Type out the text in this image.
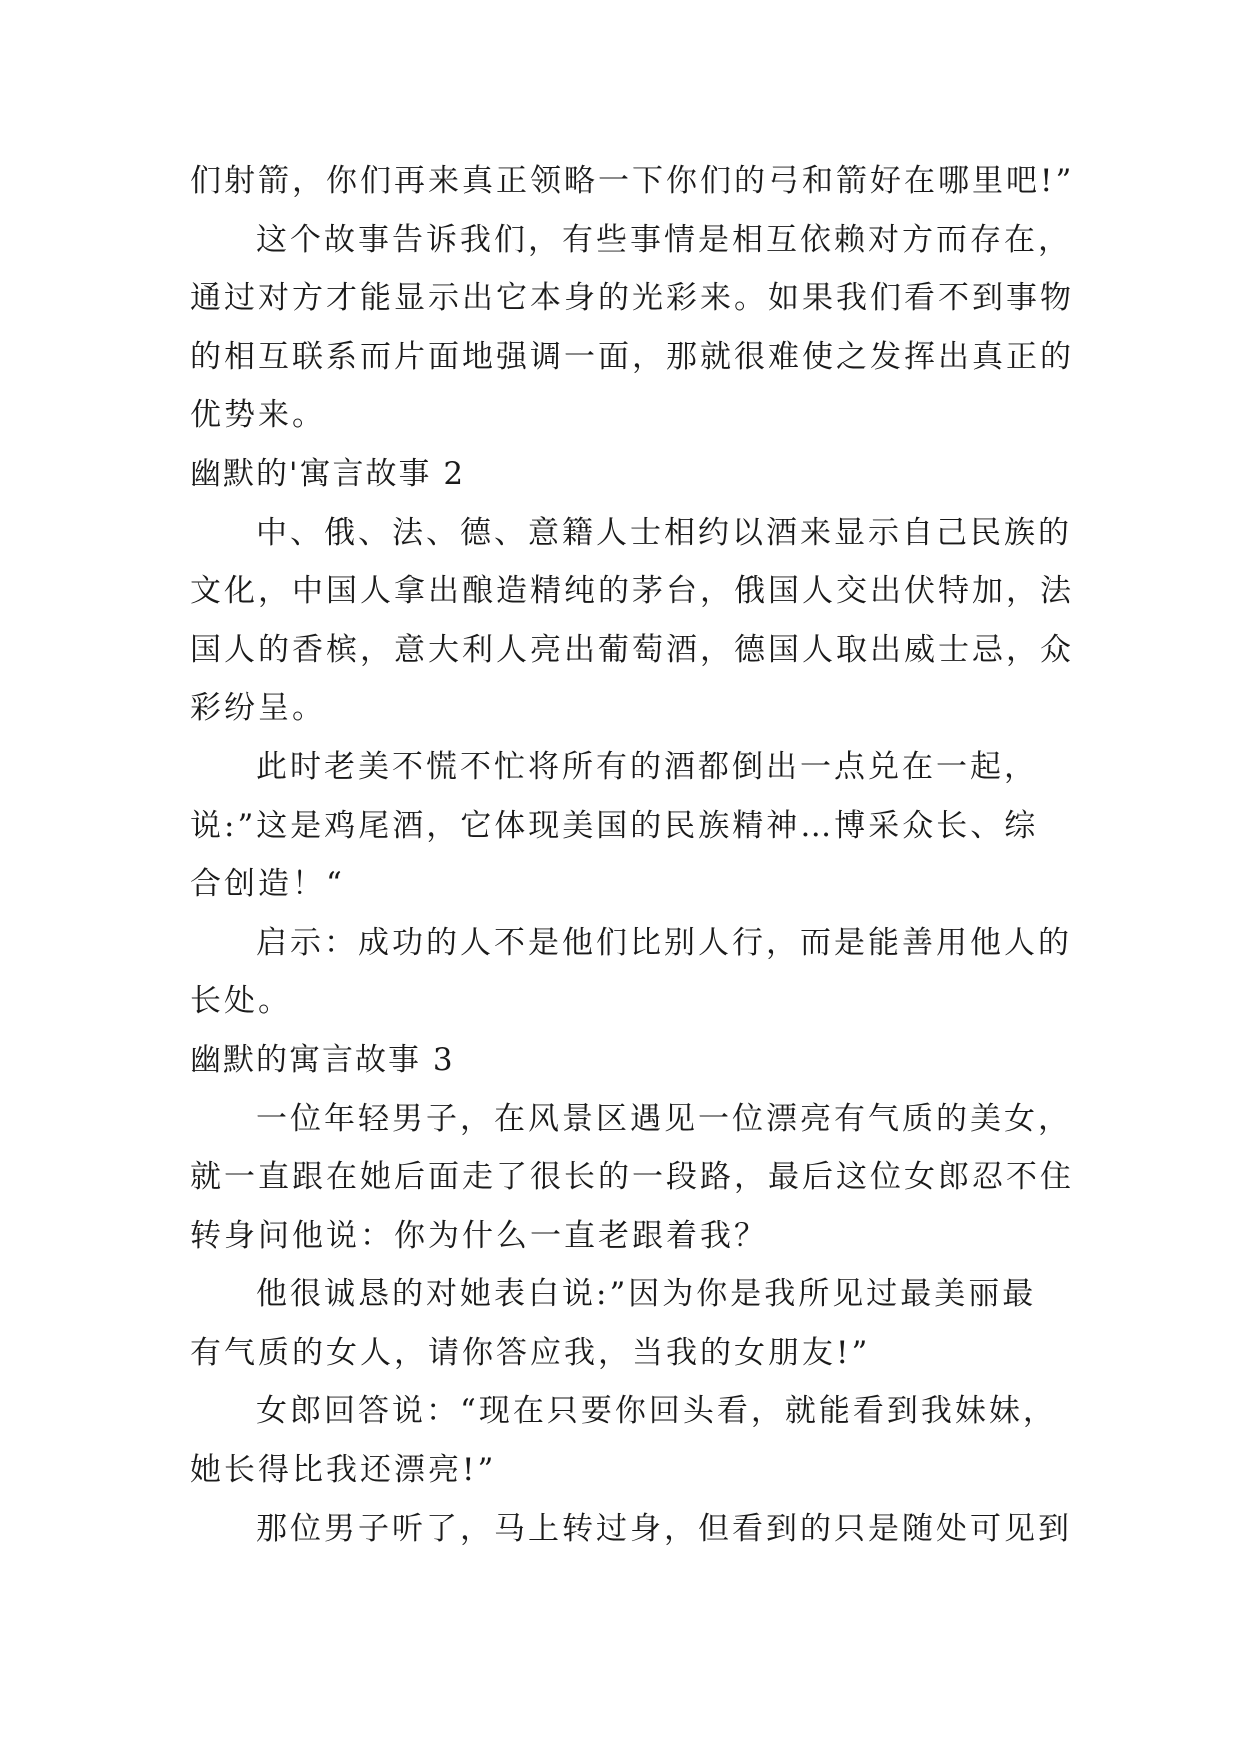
们射箭，你们再来真正领略一下你们的弓和箭好在哪里吧!”
这个故事告诉我们，有些事情是相互依赖对方而存在，
通过对方才能显示出它本身的光彩来。如果我们看不到事物
的相互联系而片面地强调一面，那就很难使之发挥出真正的
优势来。
幽默的'寓言故事 2
中、俄、法、德、意籍人士相约以酒来显示自己民族的
文化，中国人拿出酿造精纯的茅台，俄国人交出伏特加，法
国人的香槟，意大利人亮出葡萄酒，德国人取出威士忌，众
彩纷呈。
此时老美不慌不忙将所有的酒都倒出一点兑在一起，
说:”这是鸡尾酒，它体现美国的民族精神…博采众长、综
合创造！“
启示：成功的人不是他们比别人行，而是能善用他人的
长处。
幽默的寓言故事 3
一位年轻男子，在风景区遇见一位漂亮有气质的美女，
就一直跟在她后面走了很长的一段路，最后这位女郎忍不住
转身问他说：你为什么一直老跟着我？
他很诚恳的对她表白说:”因为你是我所见过最美丽最
有气质的女人，请你答应我，当我的女朋友!”
女郎回答说：“现在只要你回头看，就能看到我妹妹，
她长得比我还漂亮!”
那位男子听了，马上转过身，但看到的只是随处可见到
